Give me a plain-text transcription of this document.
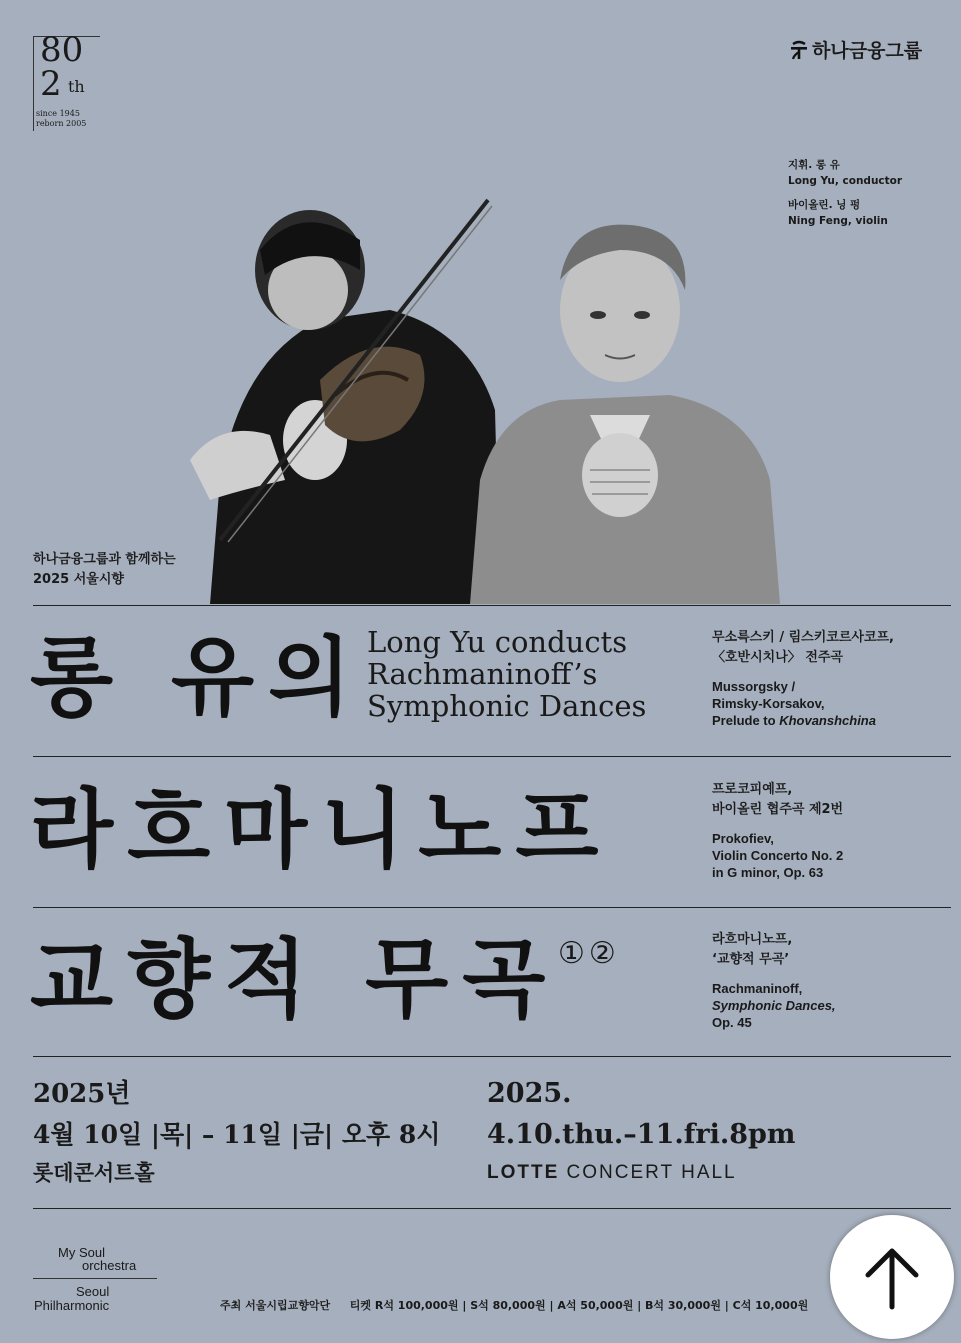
80
2 th
since 1945
reborn 2005
하나금융그룹
지휘. 롱 유
Long Yu, conductor
바이올린. 닝 펑
Ning Feng, violin
하나금융그룹과 함께하는
2025 서울시향
롱 유의 Long Yu conducts
Rachmaninoff’s
Symphonic Dances
라흐마니노프
교향적 무곡
① ②
무소륵스키 / 림스키코르사코프,
〈호반시치나〉 전주곡
Mussorgsky /
Rimsky-Korsakov,
Prelude to Khovanshchina
프로코피예프,
바이올린 협주곡 제2번
Prokofiev,
Violin Concerto No. 2
in G minor, Op. 63
라흐마니노프,
‘교향적 무곡’
Rachmaninoff,
Symphonic Dances,
Op. 45
2025년
4월 10일 |목| – 11일 |금| 오후 8시
롯데콘서트홀
2025.
4.10.thu.–11.fri.8pm
LOTTE CONCERT HALL
My Soul
orchestra
Seoul
Philharmonic	주최 서울시립교향악단 티켓 R석 100,000원 | S석 80,000원 | A석 50,000원 | B석 30,000원 | C석 10,000원
